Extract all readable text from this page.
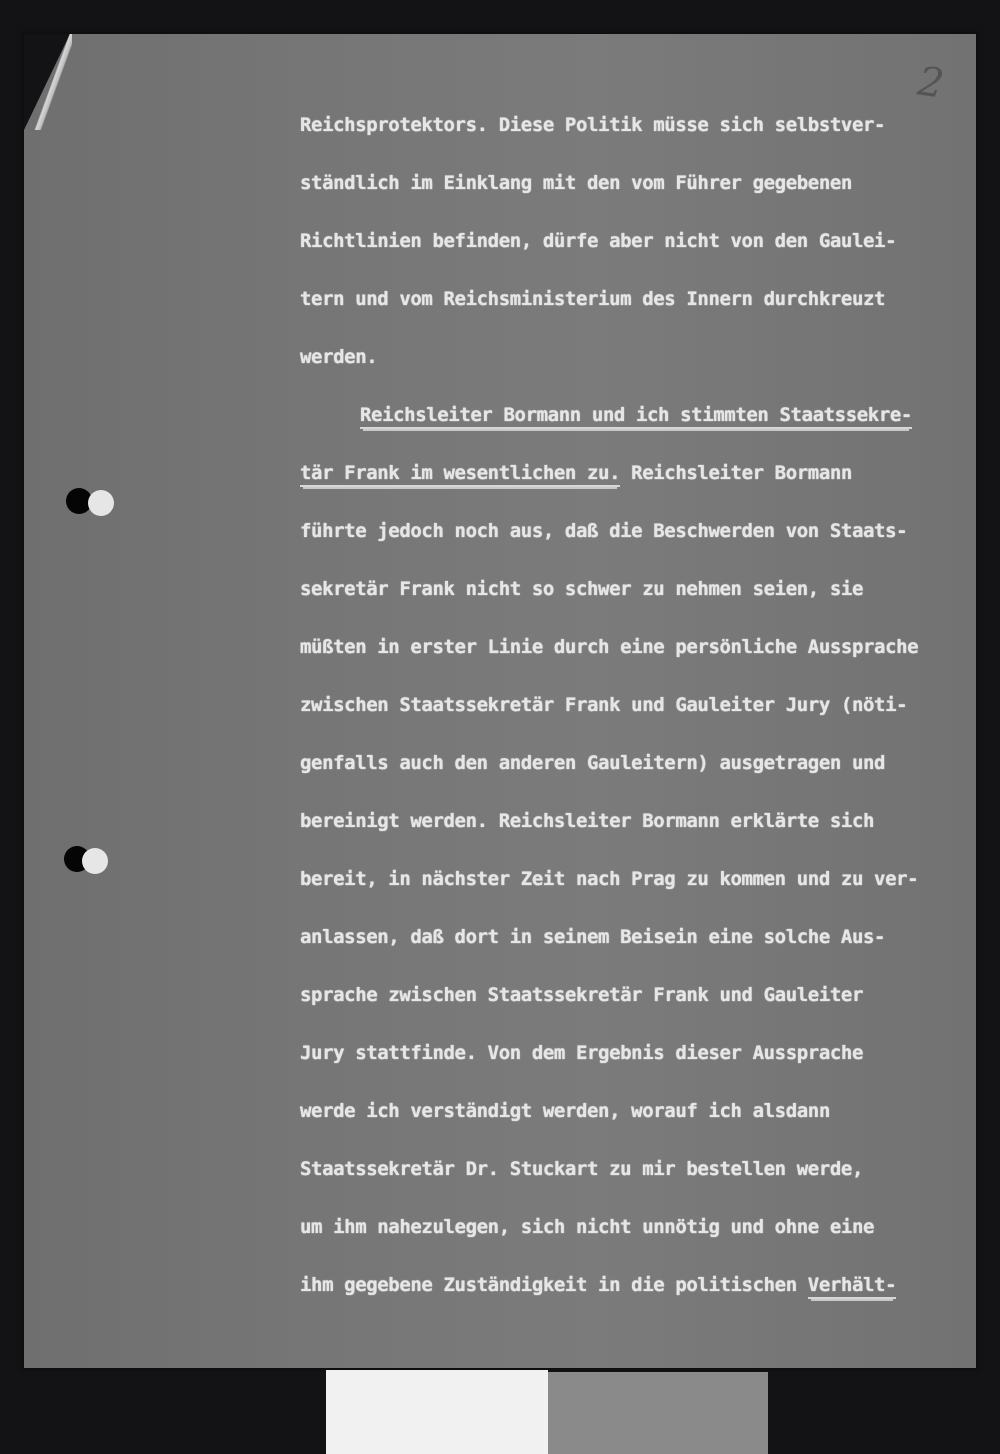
2
Reichsprotektors. Diese Politik müsse sich selbstver-
ständlich im Einklang mit den vom Führer gegebenen
Richtlinien befinden, dürfe aber nicht von den Gaulei-
tern und vom Reichsministerium des Innern durchkreuzt
werden.
Reichsleiter Bormann und ich stimmten Staatssekre-
tär Frank im wesentlichen zu. Reichsleiter Bormann
führte jedoch noch aus, daß die Beschwerden von Staats-
sekretär Frank nicht so schwer zu nehmen seien, sie
müßten in erster Linie durch eine persönliche Aussprache
zwischen Staatssekretär Frank und Gauleiter Jury (nöti-
genfalls auch den anderen Gauleitern) ausgetragen und
bereinigt werden. Reichsleiter Bormann erklärte sich
bereit, in nächster Zeit nach Prag zu kommen und zu ver-
anlassen, daß dort in seinem Beisein eine solche Aus-
sprache zwischen Staatssekretär Frank und Gauleiter
Jury stattfinde. Von dem Ergebnis dieser Aussprache
werde ich verständigt werden, worauf ich alsdann
Staatssekretär Dr. Stuckart zu mir bestellen werde,
um ihm nahezulegen, sich nicht unnötig und ohne eine
ihm gegebene Zuständigkeit in die politischen Verhält-
